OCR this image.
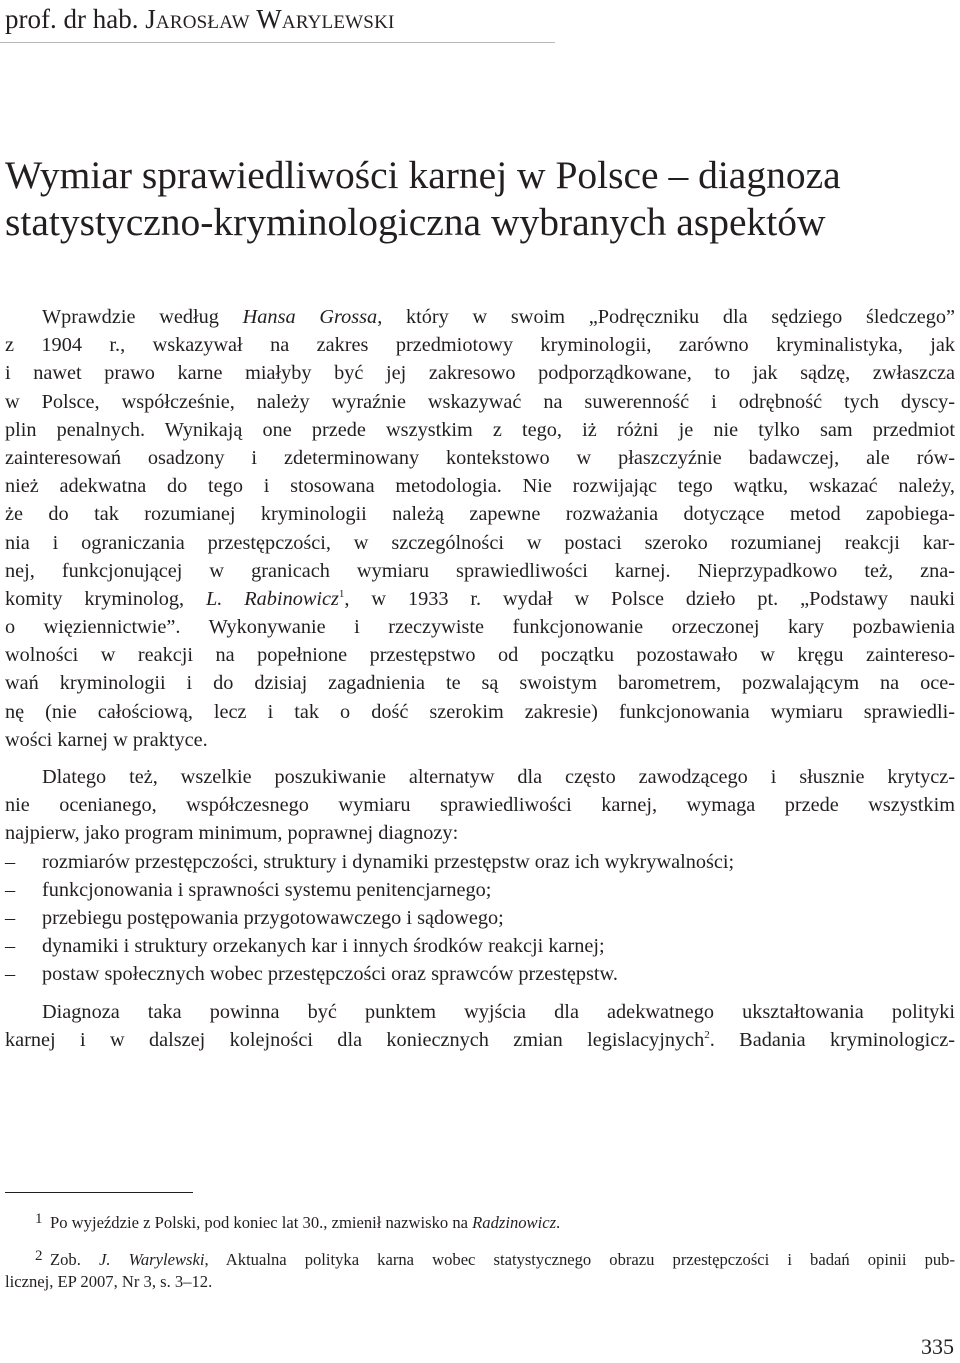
prof. dr hab. Jarosław Warylewski
Wymiar sprawiedliwości karnej w Polsce – diagnoza
statystyczno-kryminologiczna wybranych aspektów
Wprawdzie według Hansa Grossa, który w swoim „Podręczniku dla sędziego śledczego”
z 1904 r., wskazywał na zakres przedmiotowy kryminologii, zarówno kryminalistyka, jak
i nawet prawo karne miałyby być jej zakresowo podporządkowane, to jak sądzę, zwłaszcza
w Polsce, współcześnie, należy wyraźnie wskazywać na suwerenność i odrębność tych dyscy-
plin penalnych. Wynikają one przede wszystkim z tego, iż różni je nie tylko sam przedmiot
zainteresowań osadzony i zdeterminowany kontekstowo w płaszczyźnie badawczej, ale rów-
nież adekwatna do tego i stosowana metodologia. Nie rozwijając tego wątku, wskazać należy,
że do tak rozumianej kryminologii należą zapewne rozważania dotyczące metod zapobiega-
nia i ograniczania przestępczości, w szczególności w postaci szeroko rozumianej reakcji kar-
nej, funkcjonującej w granicach wymiaru sprawiedliwości karnej. Nieprzypadkowo też, zna-
komity kryminolog, L. Rabinowicz$^1$, w 1933 r. wydał w Polsce dzieło pt. „Podstawy nauki
o więziennictwie”. Wykonywanie i rzeczywiste funkcjonowanie orzeczonej kary pozbawienia
wolności w reakcji na popełnione przestępstwo od początku pozostawało w kręgu zaintereso-
wań kryminologii i do dzisiaj zagadnienia te są swoistym barometrem, pozwalającym na oce-
nę (nie całościową, lecz i tak o dość szerokim zakresie) funkcjonowania wymiaru sprawiedli-
wości karnej w praktyce.
Dlatego też, wszelkie poszukiwanie alternatyw dla często zawodzącego i słusznie krytycz-
nie ocenianego, współczesnego wymiaru sprawiedliwości karnej, wymaga przede wszystkim
najpierw, jako program minimum, poprawnej diagnozy:
–	rozmiarów przestępczości, struktury i dynamiki przestępstw oraz ich wykrywalności;
–	funkcjonowania i sprawności systemu penitencjarnego;
–	przebiegu postępowania przygotowawczego i sądowego;
–	dynamiki i struktury orzekanych kar i innych środków reakcji karnej;
–	postaw społecznych wobec przestępczości oraz sprawców przestępstw.
Diagnoza taka powinna być punktem wyjścia dla adekwatnego ukształtowania polityki
karnej i w dalszej kolejności dla koniecznych zmian legislacyjnych$^2$. Badania kryminologicz-
1 Po wyjeździe z Polski, pod koniec lat 30., zmienił nazwisko na Radzinowicz.
2 Zob. J. Warylewski, Aktualna polityka karna wobec statystycznego obrazu przestępczości i badań opinii pub-
licznej, EP 2007, Nr 3, s. 3–12.
335
